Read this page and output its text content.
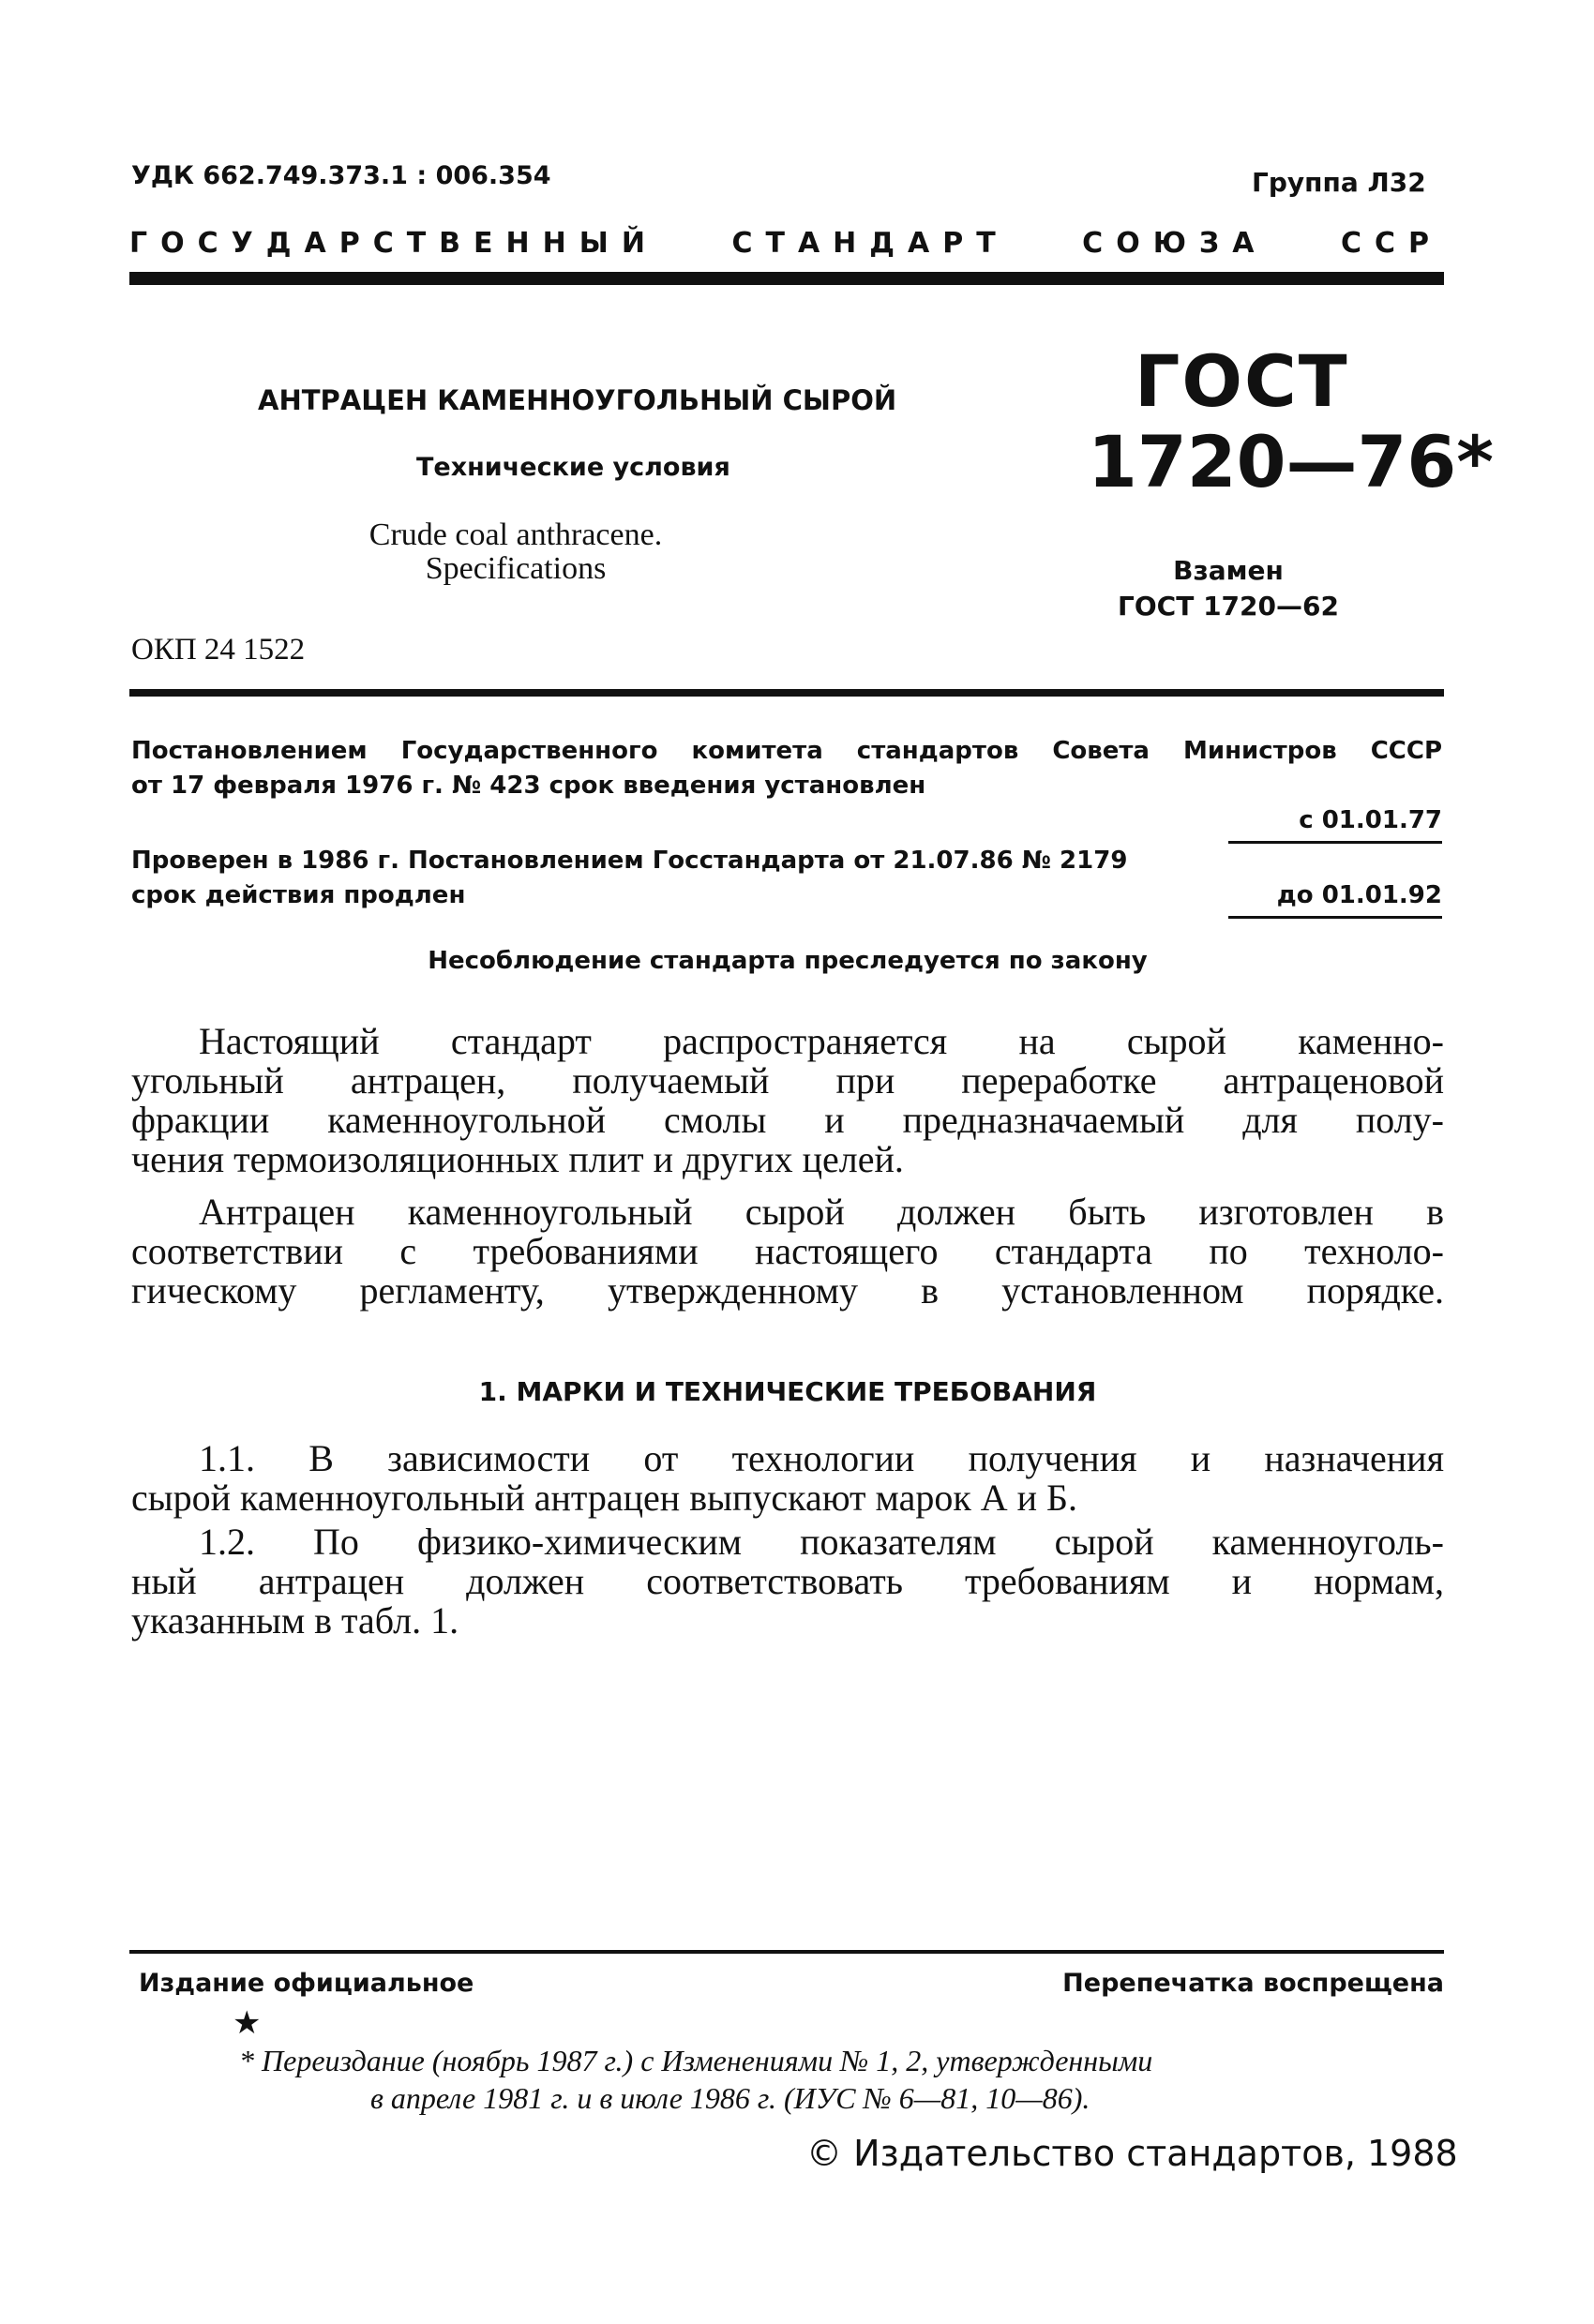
УДК 662.749.373.1 : 006.354	Группа Л32
ГОСУДАРСТВЕННЫЙ СТАНДАРТ СОЮЗА ССР
АНТРАЦЕН КАМЕННОУГОЛЬНЫЙ СЫРОЙ
Технические условия
Crude coal anthracene.
Specifications
ГОСТ
1720—76*
Взамен
ГОСТ 1720—62
ОКП 24 1522
Постановлением Государственного комитета стандартов Совета Министров СССР
от 17 февраля 1976 г. № 423 срок введения установлен
с 01.01.77
Проверен в 1986 г. Постановлением Госстандарта от 21.07.86 № 2179
срок действия продлен	до 01.01.92
Несоблюдение стандарта преследуется по закону
Настоящий стандарт распространяется на сырой каменно-
угольный антрацен, получаемый при переработке антраценовой
фракции каменноугольной смолы и предназначаемый для полу-
чения термоизоляционных плит и других целей.
Антрацен каменноугольный сырой должен быть изготовлен в
соответствии с требованиями настоящего стандарта по техноло-
гическому регламенту, утвержденному в установленном порядке.
1. МАРКИ И ТЕХНИЧЕСКИЕ ТРЕБОВАНИЯ
1.1. В зависимости от технологии получения и назначения
сырой каменноугольный антрацен выпускают марок А и Б.
1.2. По физико-химическим показателям сырой каменноуголь-
ный антрацен должен соответствовать требованиям и нормам,
указанным в табл. 1.
Издание официальное	Перепечатка воспрещена
★
* Переиздание (ноябрь 1987 г.) с Изменениями № 1, 2, утвержденными
в апреле 1981 г. и в июле 1986 г. (ИУС № 6—81, 10—86).
© Издательство стандартов, 1988
